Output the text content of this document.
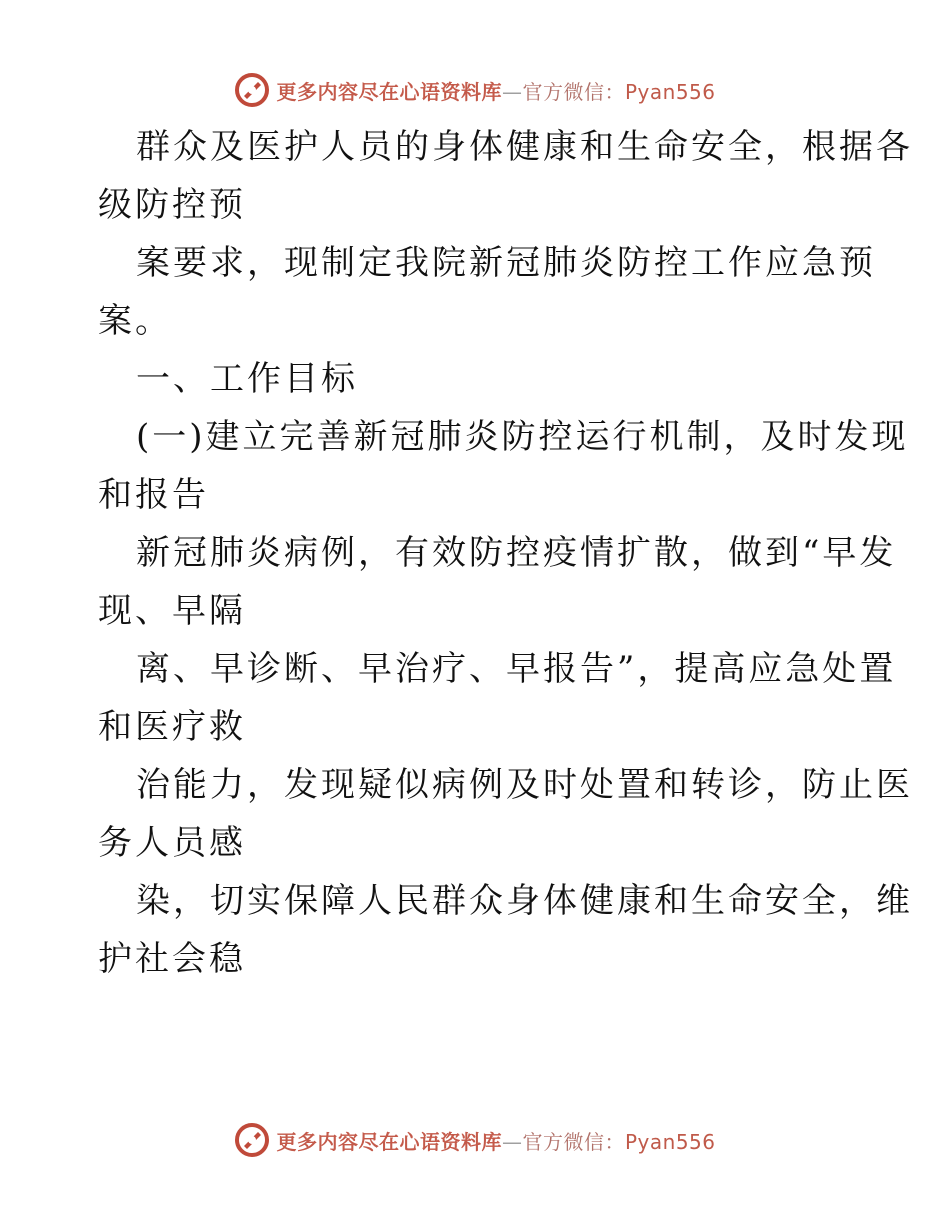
更多内容尽在心语资料库—官方微信：Pyan556
群众及医护人员的身体健康和生命安全，根据各
级防控预
案要求，现制定我院新冠肺炎防控工作应急预
案。
一、工作目标
(一)建立完善新冠肺炎防控运行机制，及时发现
和报告
新冠肺炎病例，有效防控疫情扩散，做到“早发
现、早隔
离、早诊断、早治疗、早报告”，提高应急处置
和医疗救
治能力，发现疑似病例及时处置和转诊，防止医
务人员感
染，切实保障人民群众身体健康和生命安全，维
护社会稳
更多内容尽在心语资料库—官方微信：Pyan556
